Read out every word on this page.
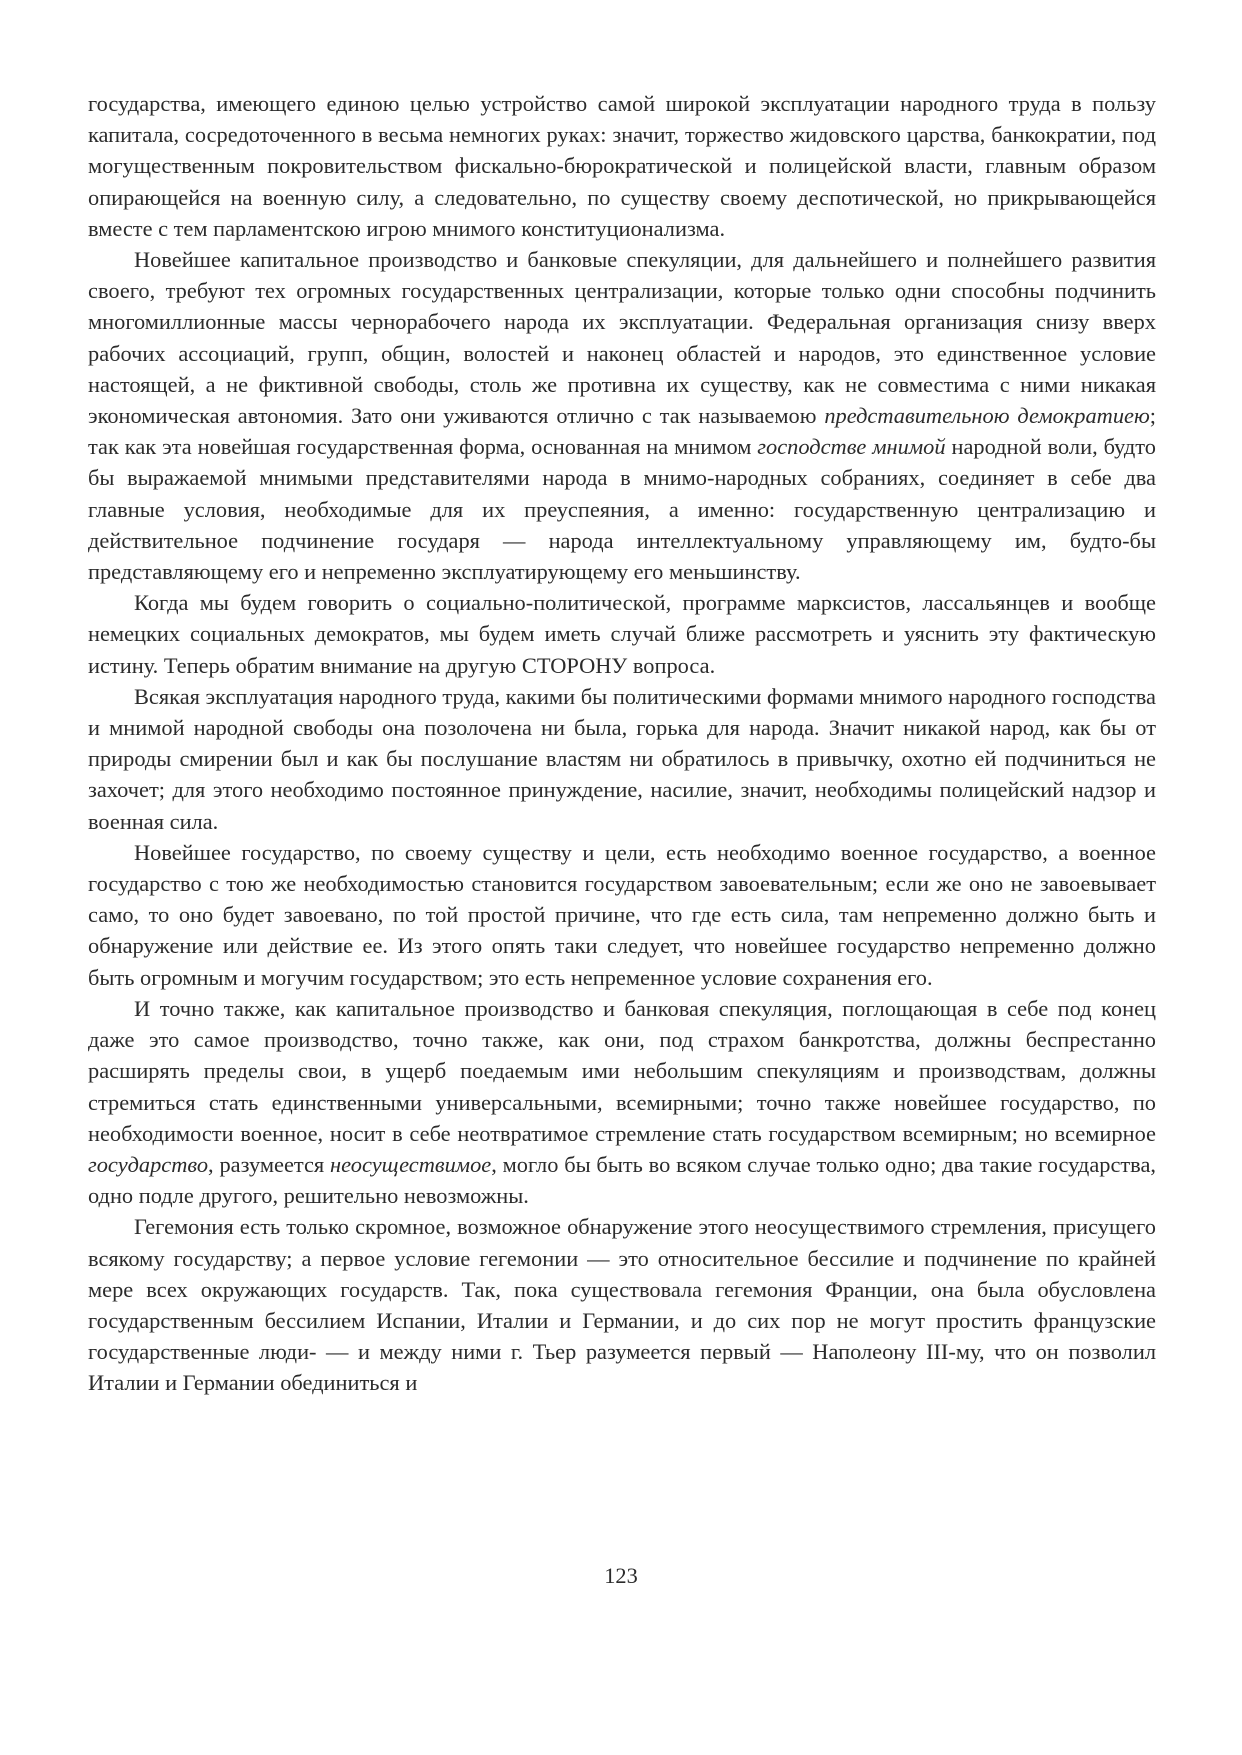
государства, имеющего единою целью устройство самой широкой эксплуатации народного труда в пользу капитала, сосредоточенного в весьма немногих руках: значит, торжество жидовского царства, банкократии, под могущественным покровительством фискально-бюрократической и полицейской власти, главным образом опирающейся на военную силу, а следовательно, по существу своему деспотической, но прикрывающейся вместе с тем парламентскою игрою мнимого конституционализма.

Новейшее капитальное производство и банковые спекуляции, для дальнейшего и полнейшего развития своего, требуют тех огромных государственных централизации, которые только одни способны подчинить многомиллионные массы чернорабочего народа их эксплуатации. Федеральная организация снизу вверх рабочих ассоциаций, групп, общин, волостей и наконец областей и народов, это единственное условие настоящей, а не фиктивной свободы, столь же противна их существу, как не совместима с ними никакая экономическая автономия. Зато они уживаются отлично с так называемою представительною демократиею; так как эта новейшая государственная форма, основанная на мнимом господстве мнимой народной воли, будто бы выражаемой мнимыми представителями народа в мнимо-народных собраниях, соединяет в себе два главные условия, необходимые для их преуспеяния, а именно: государственную централизацию и действительное подчинение государя — народа интеллектуальному управляющему им, будто-бы представляющему его и непременно эксплуатирующему его меньшинству.

Когда мы будем говорить о социально-политической, программе марксистов, лассальянцев и вообще немецких социальных демократов, мы будем иметь случай ближе рассмотреть и уяснить эту фактическую истину. Теперь обратим внимание на другую СТОРОНУ вопроса.

Всякая эксплуатация народного труда, какими бы политическими формами мнимого народного господства и мнимой народной свободы она позолочена ни была, горька для народа. Значит никакой народ, как бы от природы смирении был и как бы послушание властям ни обратилось в привычку, охотно ей подчиниться не захочет; для этого необходимо постоянное принуждение, насилие, значит, необходимы полицейский надзор и военная сила.

Новейшее государство, по своему существу и цели, есть необходимо военное государство, а военное государство с тою же необходимостью становится государством завоевательным; если же оно не завоевывает само, то оно будет завоевано, по той простой причине, что где есть сила, там непременно должно быть и обнаружение или действие ее. Из этого опять таки следует, что новейшее государство непременно должно быть огромным и могучим государством; это есть непременное условие сохранения его.

И точно также, как капитальное производство и банковая спекуляция, поглощающая в себе под конец даже это самое производство, точно также, как они, под страхом банкротства, должны беспрестанно расширять пределы свои, в ущерб поедаемым ими небольшим спекуляциям и производствам, должны стремиться стать единственными универсальными, всемирными; точно также новейшее государство, по необходимости военное, носит в себе неотвратимое стремление стать государством всемирным; но всемирное государство, разумеется неосуществимое, могло бы быть во всяком случае только одно; два такие государства, одно подле другого, решительно невозможны.

Гегемония есть только скромное, возможное обнаружение этого неосуществимого стремления, присущего всякому государству; а первое условие гегемонии — это относительное бессилие и подчинение по крайней мере всех окружающих государств. Так, пока существовала гегемония Франции, она была обусловлена государственным бессилием Испании, Италии и Германии, и до сих пор не могут простить французские государственные люди- — и между ними г. Тьер разумеется первый — Наполеону III-му, что он позволил Италии и Германии обединиться и

123
